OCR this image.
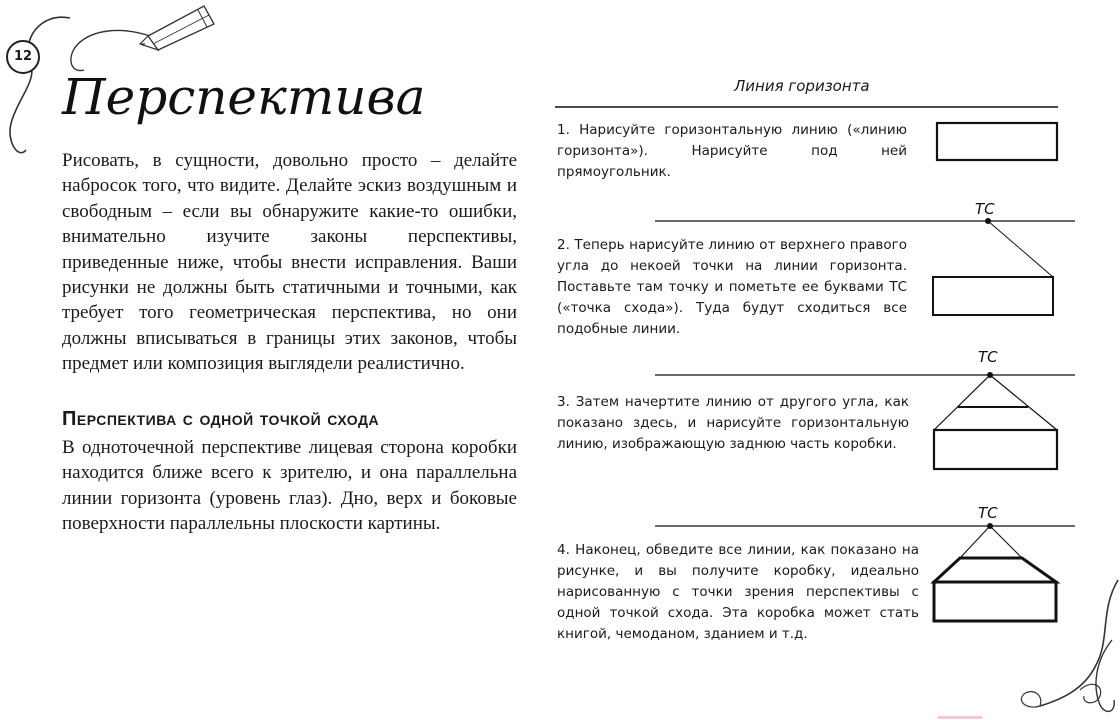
12
Перспектива

Рисовать, в сущности, довольно просто – делайте набросок того, что видите. Делайте эскиз воздушным и свободным – если вы обнаружите какие-то ошибки, внимательно изучите законы перспективы, приведенные ниже, чтобы внести исправления. Ваши рисунки не должны быть статичными и точными, как требует того геометрическая перспектива, но они должны вписываться в границы этих законов, чтобы предмет или композиция выглядели реалистично.

Перспектива с одной точкой схода

В одноточечной перспективе лицевая сторона коробки находится ближе всего к зрителю, и она параллельна линии горизонта (уровень глаз). Дно, верх и боковые поверхности параллельны плоскости картины.

Линия горизонта

1. Нарисуйте горизонтальную линию («линию горизонта»). Нарисуйте под ней прямоугольник.

2. Теперь нарисуйте линию от верхнего правого угла до некоей точки на линии горизонта. Поставьте там точку и пометьте ее буквами ТС («точка схода»). Туда будут сходиться все подобные линии.

3. Затем начертите линию от другого угла, как показано здесь, и нарисуйте горизонтальную линию, изображающую заднюю часть коробки.

4. Наконец, обведите все линии, как показано на рисунке, и вы получите коробку, идеально нарисованную с точки зрения перспективы с одной точкой схода. Эта коробка может стать книгой, чемоданом, зданием и т.д.

ТС
ТС
ТС
